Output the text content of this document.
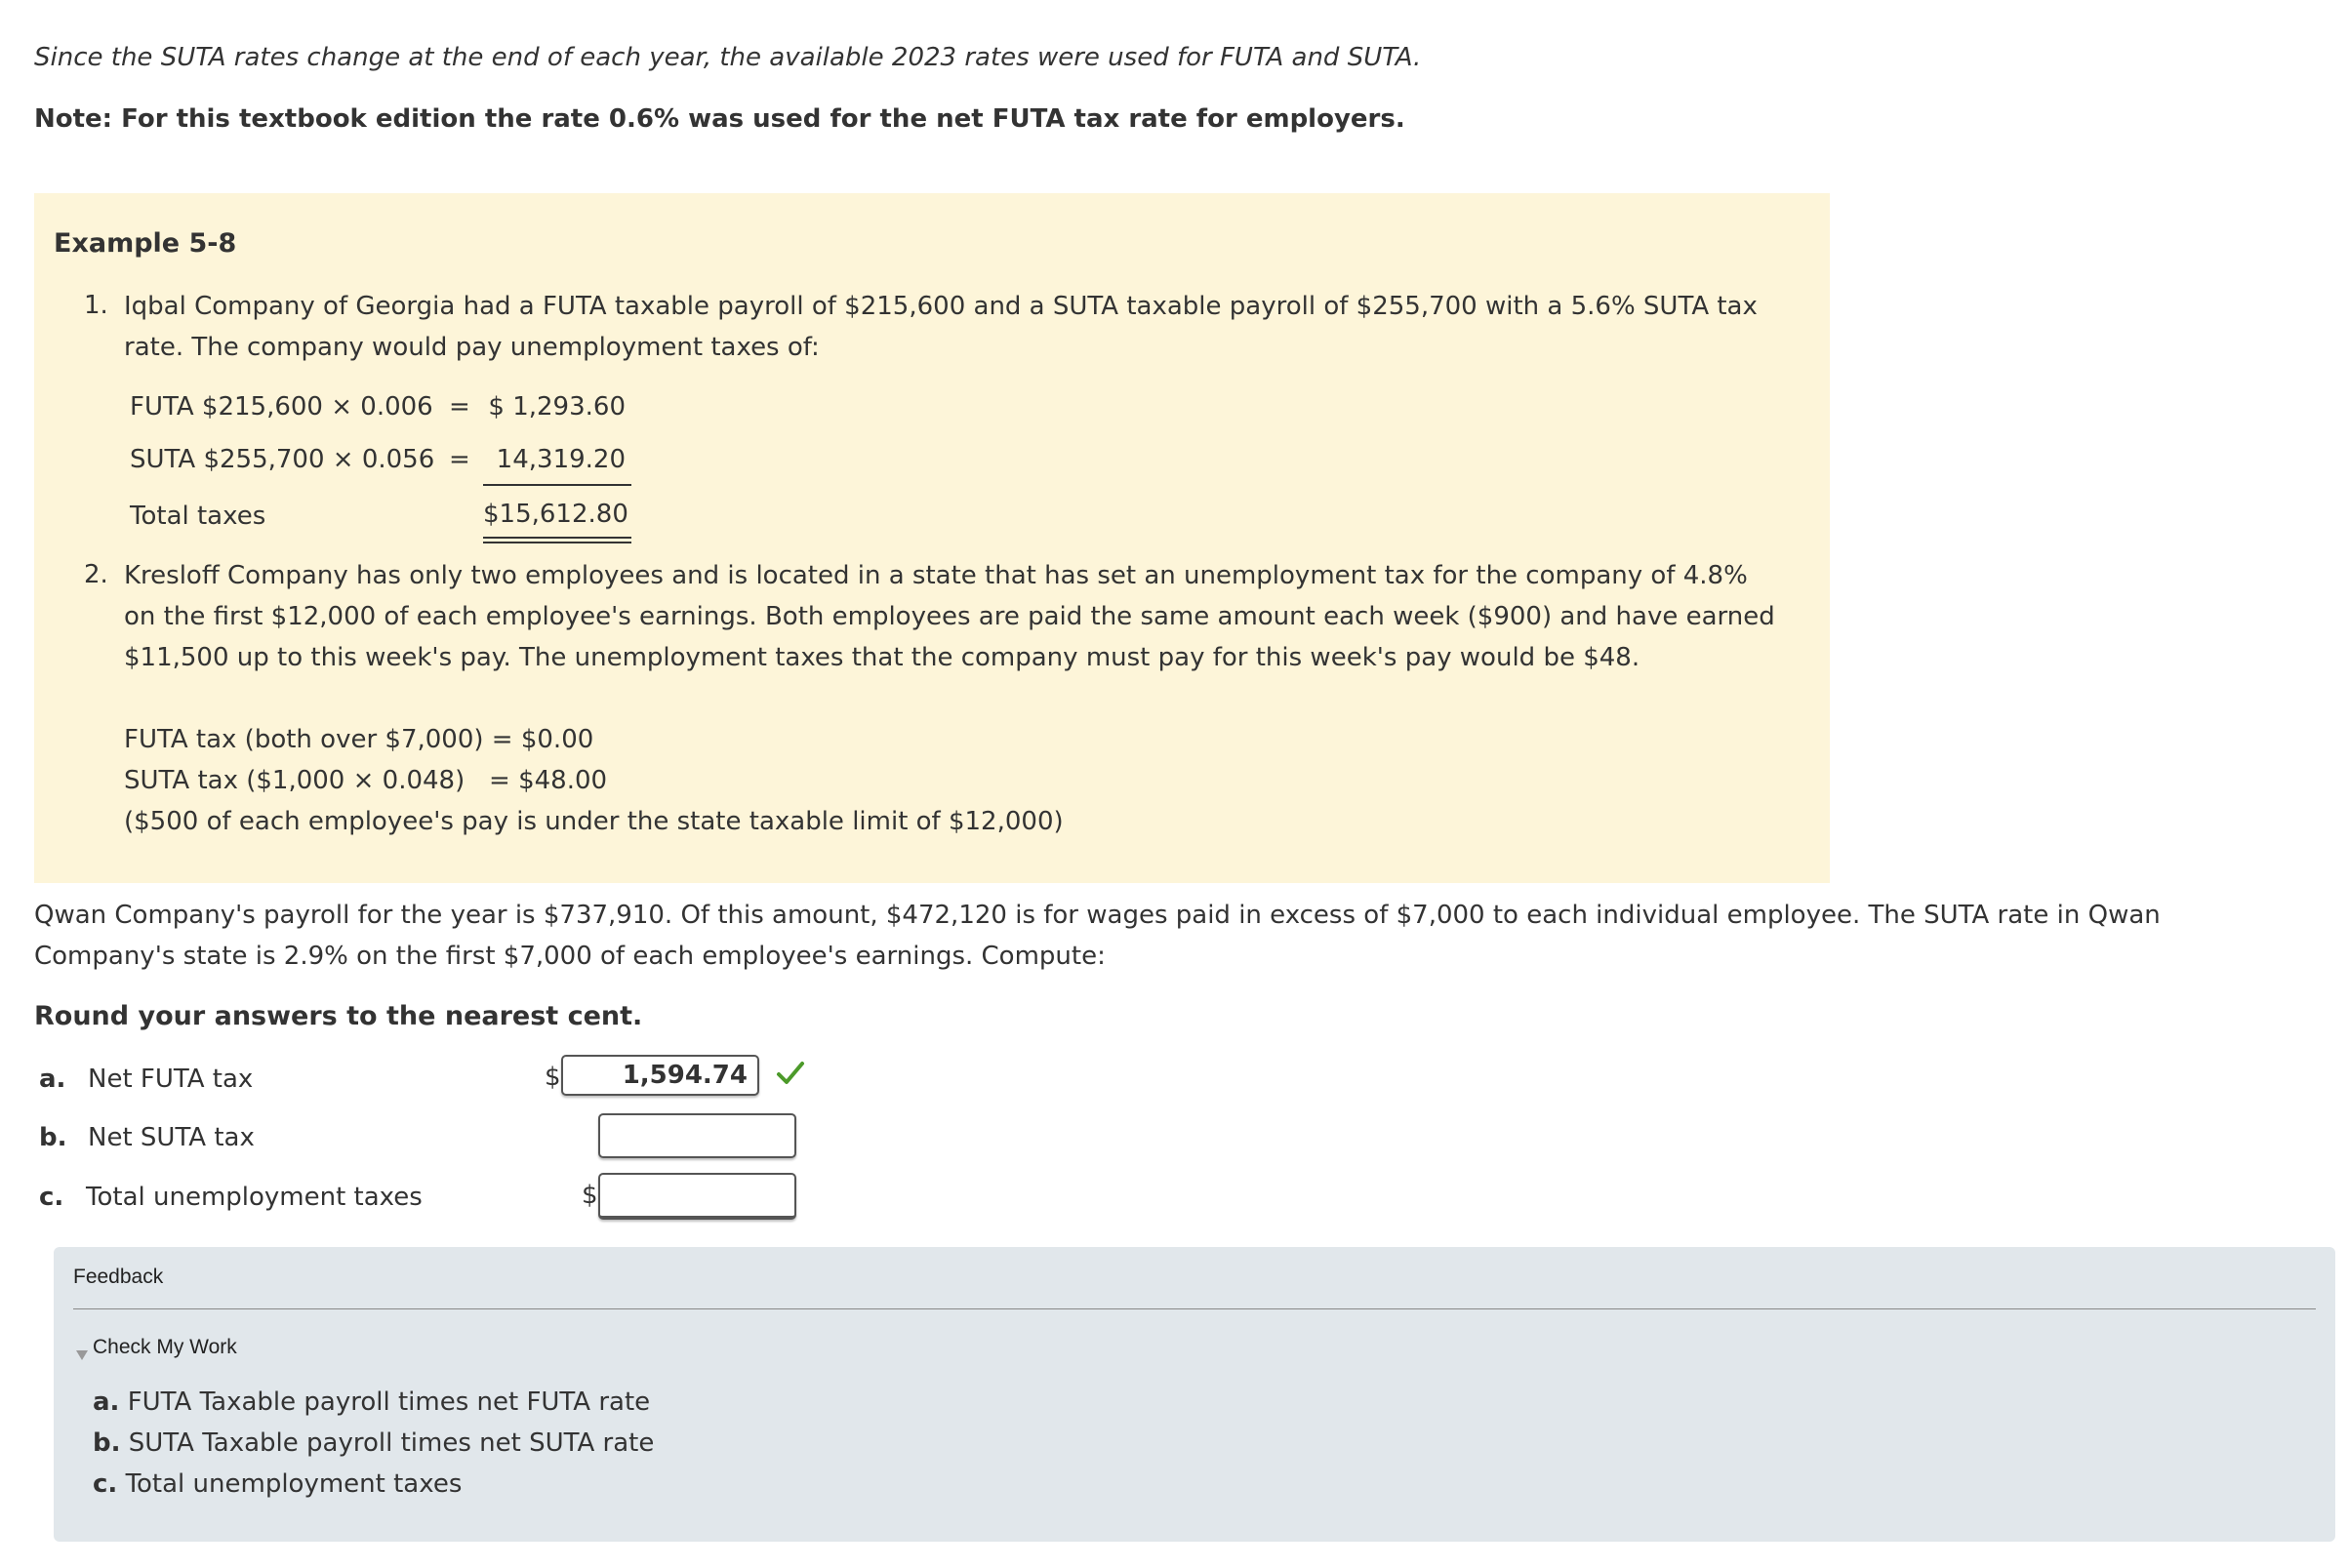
Since the SUTA rates change at the end of each year, the available 2023 rates were used for FUTA and SUTA.
Note: For this textbook edition the rate 0.6% was used for the net FUTA tax rate for employers.
Example 5-8
1. Iqbal Company of Georgia had a FUTA taxable payroll of $215,600 and a SUTA taxable payroll of $255,700 with a 5.6% SUTA tax rate. The company would pay unemployment taxes of:
FUTA $215,600 × 0.006 = $ 1,293.60
SUTA $255,700 × 0.056 =	14,319.20
Total taxes	$15,612.80
2. Kresloff Company has only two employees and is located in a state that has set an unemployment tax for the company of 4.8% on the first $12,000 of each employee's earnings. Both employees are paid the same amount each week ($900) and have earned $11,500 up to this week's pay. The unemployment taxes that the company must pay for this week's pay would be $48.
FUTA tax (both over $7,000) = $0.00
SUTA tax ($1,000 × 0.048)   = $48.00
($500 of each employee's pay is under the state taxable limit of $12,000)
Qwan Company's payroll for the year is $737,910. Of this amount, $472,120 is for wages paid in excess of $7,000 to each individual employee. The SUTA rate in Qwan Company's state is 2.9% on the first $7,000 of each employee's earnings. Compute:
Round your answers to the nearest cent.
a. Net FUTA tax	$	1,594.74
b. Net SUTA tax
c. Total unemployment taxes	$
Feedback
Check My Work
a. FUTA Taxable payroll times net FUTA rate
b. SUTA Taxable payroll times net SUTA rate
c. Total unemployment taxes
